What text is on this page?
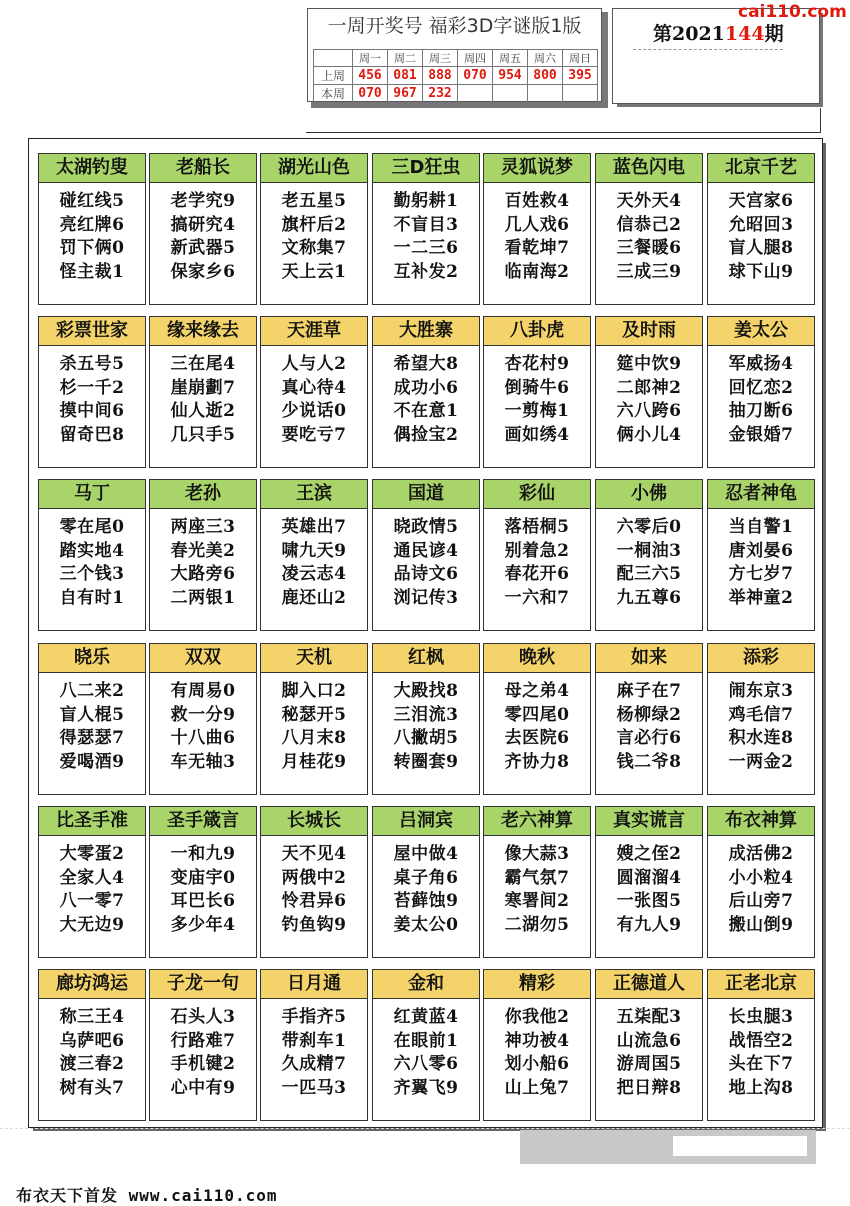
一周开奖号 福彩3D字谜版1版
	周一	周二	周三	周四	周五	周六	周日
上周	456	081	888	070	954	800	395
本周	070	967	232				
第2021144期
cai110.com
太湖钓叟
碰红线5
亮红牌6
罚下俩0
怪主裁1
老船长
老学究9
搞研究4
新武器5
保家乡6
湖光山色
老五星5
旗杆后2
文称集7
天上云1
三D狂虫
勤躬耕1
不盲目3
一二三6
互补发2
灵狐说梦
百姓救4
几人戏6
看乾坤7
临南海2
蓝色闪电
天外天4
信恭己2
三餐暖6
三成三9
北京千艺
天宫家6
允昭回3
盲人腿8
球下山9
彩票世家
杀五号5
杉一千2
摸中间6
留奇巴8
缘来缘去
三在尾4
崖崩劃7
仙人逝2
几只手5
天涯草
人与人2
真心待4
少说话0
要吃亏7
大胜寨
希望大8
成功小6
不在意1
偶捡宝2
八卦虎
杏花村9
倒骑牛6
一剪梅1
画如绣4
及时雨
筵中饮9
二郎神2
六八跨6
俩小儿4
姜太公
军威扬4
回忆恋2
抽刀断6
金银婚7
马丁
零在尾0
踏实地4
三个钱3
自有时1
老孙
两座三3
春光美2
大路旁6
二两银1
王滨
英雄出7
啸九天9
凌云志4
鹿还山2
国道
晓政情5
通民谚4
品诗文6
浏记传3
彩仙
落梧桐5
别着急2
春花开6
一六和7
小佛
六零后0
一桐油3
配三六5
九五尊6
忍者神龟
当自警1
唐刘晏6
方七岁7
举神童2
晓乐
八二来2
盲人棍5
得瑟瑟7
爱喝酒9
双双
有周易0
救一分9
十八曲6
车无轴3
天机
脚入口2
秘瑟开5
八月末8
月桂花9
红枫
大殿找8
三泪流3
八撇胡5
转圈套9
晚秋
母之弟4
零四尾0
去医院6
齐协力8
如来
麻子在7
杨柳绿2
言必行6
钱二爷8
添彩
闹东京3
鸡毛信7
积水连8
一两金2
比圣手准
大零蛋2
全家人4
八一零7
大无边9
圣手箴言
一和九9
变庙宇0
耳巴长6
多少年4
长城长
天不见4
两俄中2
怜君异6
钓鱼钩9
吕洞宾
屋中做4
桌子角6
苔藓蚀9
姜太公0
老六神算
像大蒜3
霸气氛7
寒署间2
二湖勿5
真实谎言
嫂之侄2
圆溜溜4
一张图5
有九人9
布衣神算
成活佛2
小小粒4
后山旁7
搬山倒9
廊坊鸿运
称三王4
乌萨吧6
渡三春2
树有头7
子龙一句
石头人3
行路难7
手机键2
心中有9
日月通
手指齐5
带刹车1
久成精7
一匹马3
金和
红黄蓝4
在眼前1
六八零6
齐翼飞9
精彩
你我他2
神功被4
划小船6
山上兔7
正德道人
五柒配3
山流急6
游周国5
把日辩8
正老北京
长虫腿3
战悟空2
头在下7
地上沟8
布衣天下首发 www.cai110.com
